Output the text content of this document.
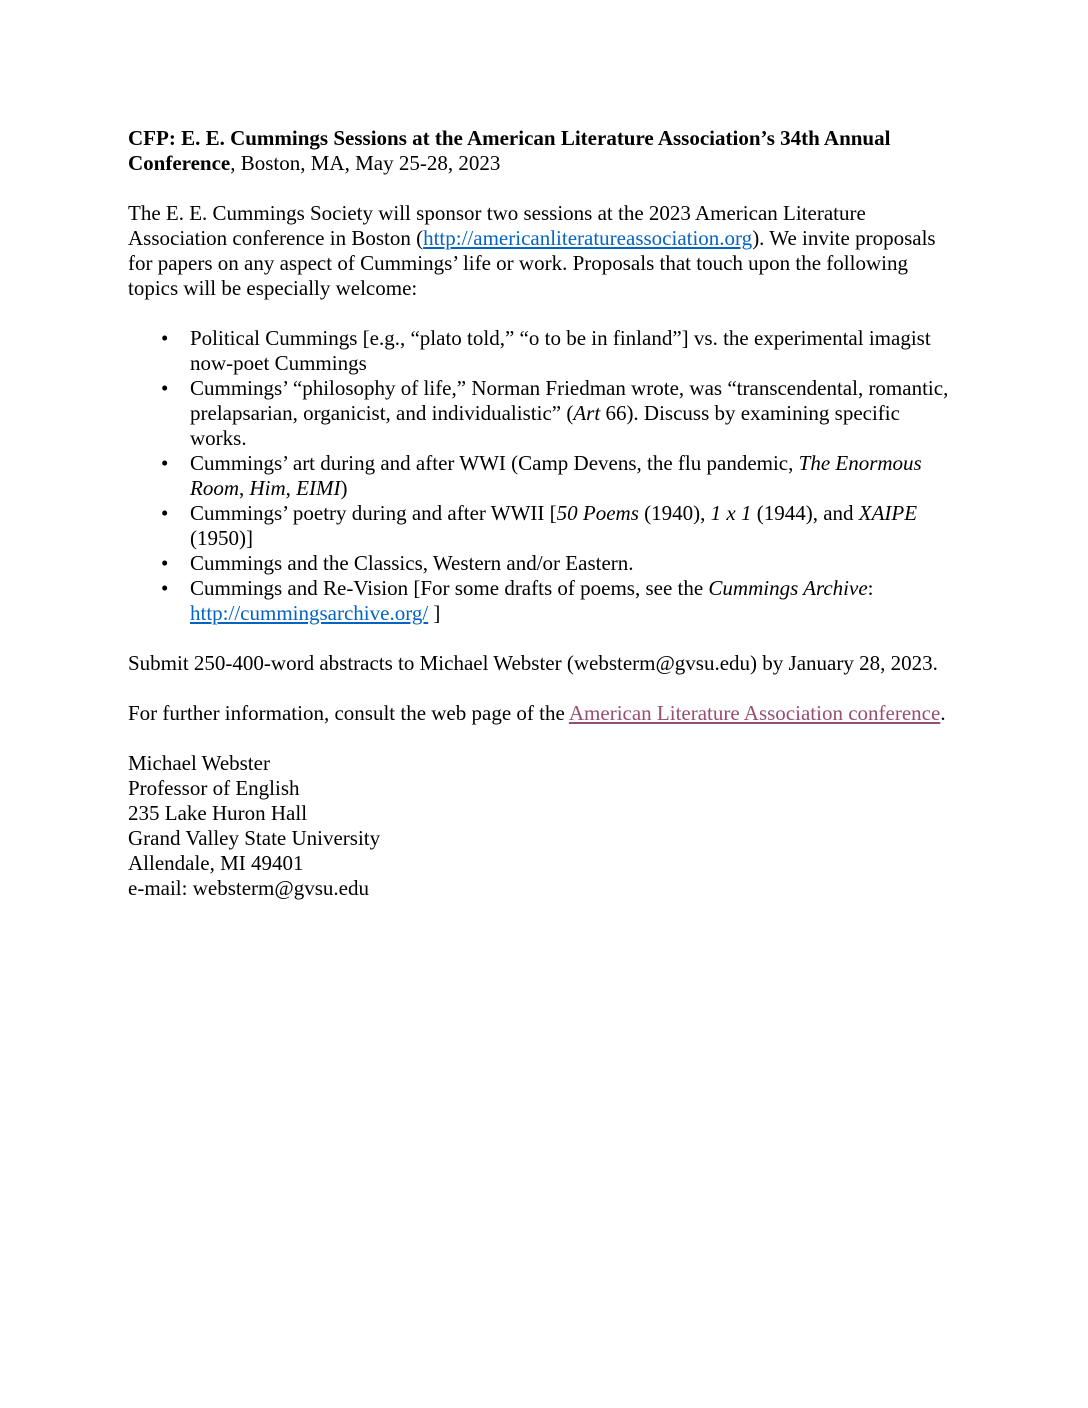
CFP: E. E. Cummings Sessions at the American Literature Association’s 34th Annual Conference, Boston, MA, May 25-28, 2023

The E. E. Cummings Society will sponsor two sessions at the 2023 American Literature Association conference in Boston (http://americanliteratureassociation.org). We invite proposals for papers on any aspect of Cummings’ life or work. Proposals that touch upon the following topics will be especially welcome:

• Political Cummings [e.g., “plato told,” “o to be in finland”] vs. the experimental imagist now-poet Cummings
• Cummings’ “philosophy of life,” Norman Friedman wrote, was “transcendental, romantic, prelapsarian, organicist, and individualistic” (Art 66). Discuss by examining specific works.
• Cummings’ art during and after WWI (Camp Devens, the flu pandemic, The Enormous Room, Him, EIMI)
• Cummings’ poetry during and after WWII [50 Poems (1940), 1 x 1 (1944), and XAIPE (1950)]
• Cummings and the Classics, Western and/or Eastern.
• Cummings and Re-Vision [For some drafts of poems, see the Cummings Archive: http://cummingsarchive.org/ ]

Submit 250-400-word abstracts to Michael Webster (websterm@gvsu.edu) by January 28, 2023.

For further information, consult the web page of the American Literature Association conference.

Michael Webster
Professor of English
235 Lake Huron Hall
Grand Valley State University
Allendale, MI 49401
e-mail: websterm@gvsu.edu
